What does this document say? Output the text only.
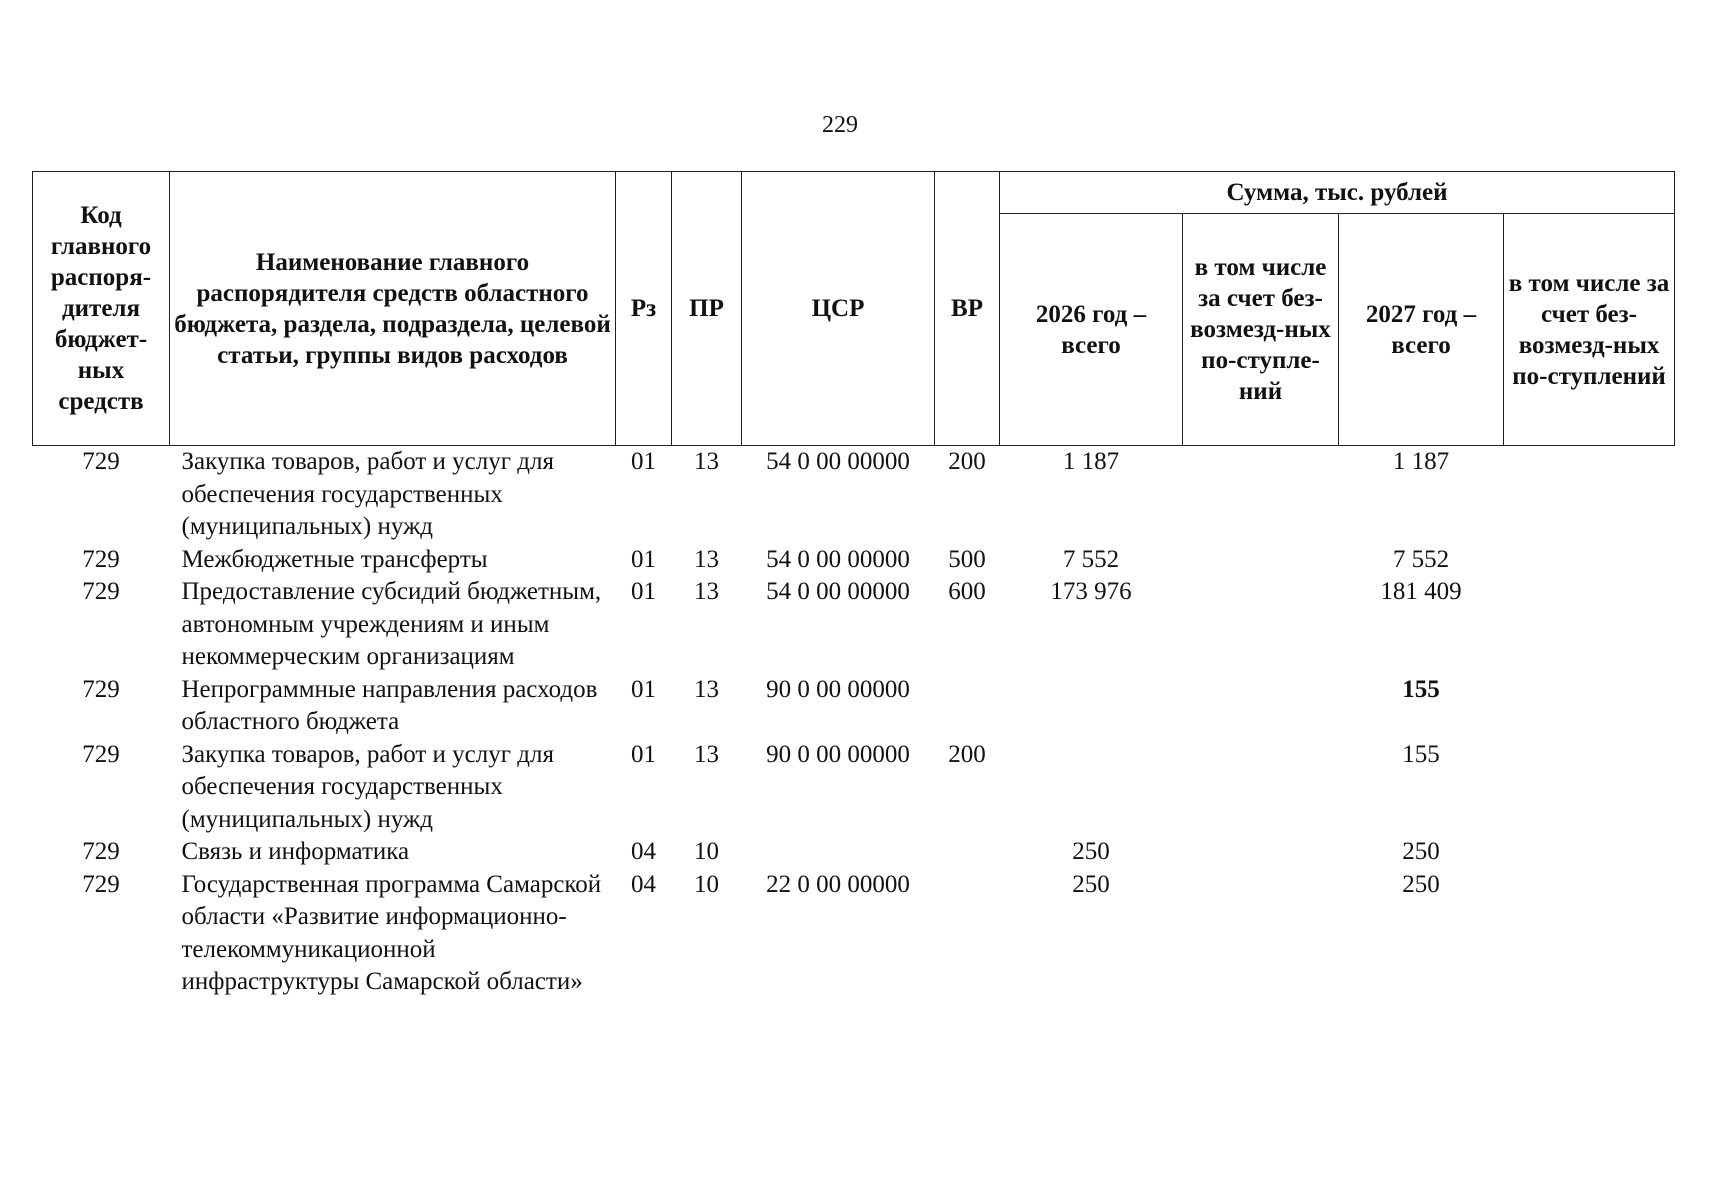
229
Код главного распоря-дителя бюджет-ных средств	Наименование главного распорядителя средств областного бюджета, раздела, подраздела, целевой статьи, группы видов расходов	Рз	ПР	ЦСР	ВР	Сумма, тыс. рублей			
						2026 год – всего	в том числе за счет без-возмезд-ных по-ступле-ний	2027 год – всего	в том числе за счет без-возмезд-ных по-ступлений
729	Закупка товаров, работ и услуг для обеспечения государственных (муниципальных) нужд	01	13	54 0 00 00000	200	1 187		1 187	
729	Межбюджетные трансферты	01	13	54 0 00 00000	500	7 552		7 552	
729	Предоставление субсидий бюджетным, автономным учреждениям и иным некоммерческим организациям	01	13	54 0 00 00000	600	173 976		181 409	
729	Непрограммные направления расходов областного бюджета	01	13	90 0 00 00000				155	
729	Закупка товаров, работ и услуг для обеспечения государственных (муниципальных) нужд	01	13	90 0 00 00000	200			155	
729	Связь и информатика	04	10			250		250	
729	Государственная программа Самарской области «Развитие информационно-телекоммуникационной инфраструктуры Самарской области»	04	10	22 0 00 00000		250		250	
